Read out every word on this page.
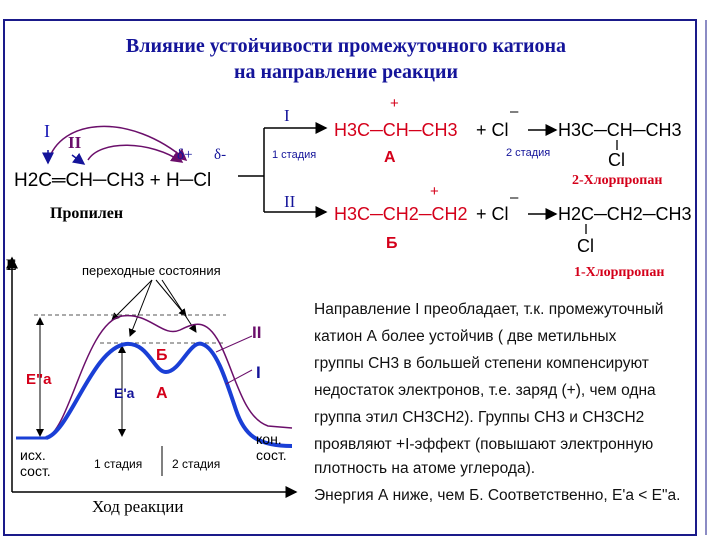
Влияние устойчивости промежуточного катиона
на направление реакции
I
II
δ+ δ-
H2C═CH─CH3 + H─Cl
Пропилен
I
1 стадия
II
+
H3C─CH─CH3
А
+ Cl
–
2 стадия
H3C─CH─CH3
Cl
2-Хлорпропан
+
H3C─CH2─CH2
Б
+ Cl
–
H2C─CH2─CH3
Cl
1-Хлорпропан
E
Ход реакции
переходные состояния
E"а
E'а
II
I
Б
А
1 стадия 2 стадия
исх.
сост.
кон.
сост.
Направление I преобладает, т.к. промежуточный
катион А более устойчив ( две метильных
группы CH3 в большей степени компенсируют
недостаток электронов, т.е. заряд (+), чем одна
группа этил CH3CH2). Группы CH3 и CH3CH2
проявляют +I-эффект (повышают электронную
плотность на атоме углерода).
Энергия А ниже, чем Б. Соответственно, E'а < E"а.
